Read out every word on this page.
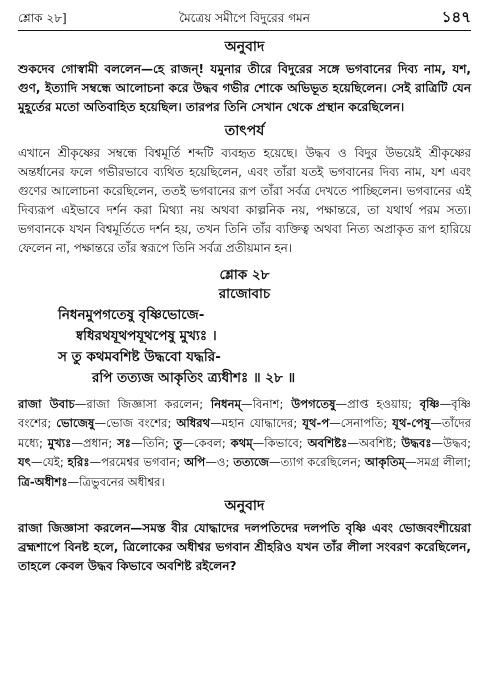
শ্লোক ২৮]	মৈত্রেয় সমীপে বিদুরের গমন	১৪৭
অনুবাদ

শুকদেব গোস্বামী বললেন—হে রাজন্! যমুনার তীরে বিদুরের সঙ্গে ভগবানের দিব্য নাম, যশ, গুণ, ইত্যাদি সম্বন্ধে আলোচনা করে উদ্ধব গভীর শোকে অভিভূত হয়েছিলেন। সেই রাত্রিটি যেন মুহূর্তের মতো অতিবাহিত হয়েছিল। তারপর তিনি সেখান থেকে প্রস্থান করেছিলেন।

তাৎপর্য

এখানে শ্রীকৃষ্ণের সম্বন্ধে বিশ্বমূর্তি শব্দটি ব্যবহৃত হয়েছে। উদ্ধব ও বিদুর উভয়েই শ্রীকৃষ্ণের অন্তর্ধানের ফলে গভীরভাবে ব্যথিত হয়েছিলেন, এবং তাঁরা যতই ভগবানের দিব্য নাম, যশ এবং গুণের আলোচনা করেছিলেন, ততই ভগবানের রূপ তাঁরা সর্বত্র দেখতে পাচ্ছিলেন। ভগবানের এই দিব্যরূপ এইভাবে দর্শন করা মিথ্যা নয় অথবা কাল্পনিক নয়, পক্ষান্তরে, তা যথার্থ পরম সত্য। ভগবানকে যখন বিশ্বমূর্তিতে দর্শন হয়, তখন তিনি তাঁর ব্যক্তিত্ব অথবা নিত্য অপ্রাকৃত রূপ হারিয়ে ফেলেন না, পক্ষান্তরে তাঁর স্বরূপে তিনি সর্বত্র প্রতীয়মান হন।

শ্লোক ২৮
রাজোবাচ
নিধনমুপগতেষু বৃষ্ণিভোজে-
ষ্বধিরথযূথপযূথপেষু মুখ্যঃ ।
স তু কথমবশিষ্ট উদ্ধবো যদ্ধরি-
রপি তত্যজ আকৃতিং ত্র্যধীশঃ ॥ ২৮ ॥
রাজা উবাচ—রাজা জিজ্ঞাসা করলেন; নিধনম্—বিনাশ; উপগতেষু—প্রাপ্ত হওয়ায়; বৃষ্ণি—বৃষ্ণি বংশের; ভোজেষু—ভোজ বংশের; অধিরথ—মহান যোদ্ধাদের; যূথ-প—সেনাপতি; যূথ-পেষু—তাঁদের মধ্যে; মুখ্যঃ—প্রধান; সঃ—তিনি; তু—কেবল; কথম্—কিভাবে; অবশিষ্টঃ—অবশিষ্ট; উদ্ধবঃ—উদ্ধব; যৎ—যেই; হরিঃ—পরমেশ্বর ভগবান; অপি—ও; তত্যজে—ত্যাগ করেছিলেন; আকৃতিম্—সমগ্র লীলা; ত্রি-অধীশঃ—ত্রিভুবনের অধীশ্বর।
অনুবাদ

রাজা জিজ্ঞাসা করলেন—সমস্ত বীর যোদ্ধাদের দলপতিদের দলপতি বৃষ্ণি এবং ভোজবংশীয়েরা ব্রহ্মশাপে বিনষ্ট হলে, ত্রিলোকের অধীশ্বর ভগবান শ্রীহরিও যখন তাঁর লীলা সংবরণ করেছিলেন, তাহলে কেবল উদ্ধব কিভাবে অবশিষ্ট রইলেন?
